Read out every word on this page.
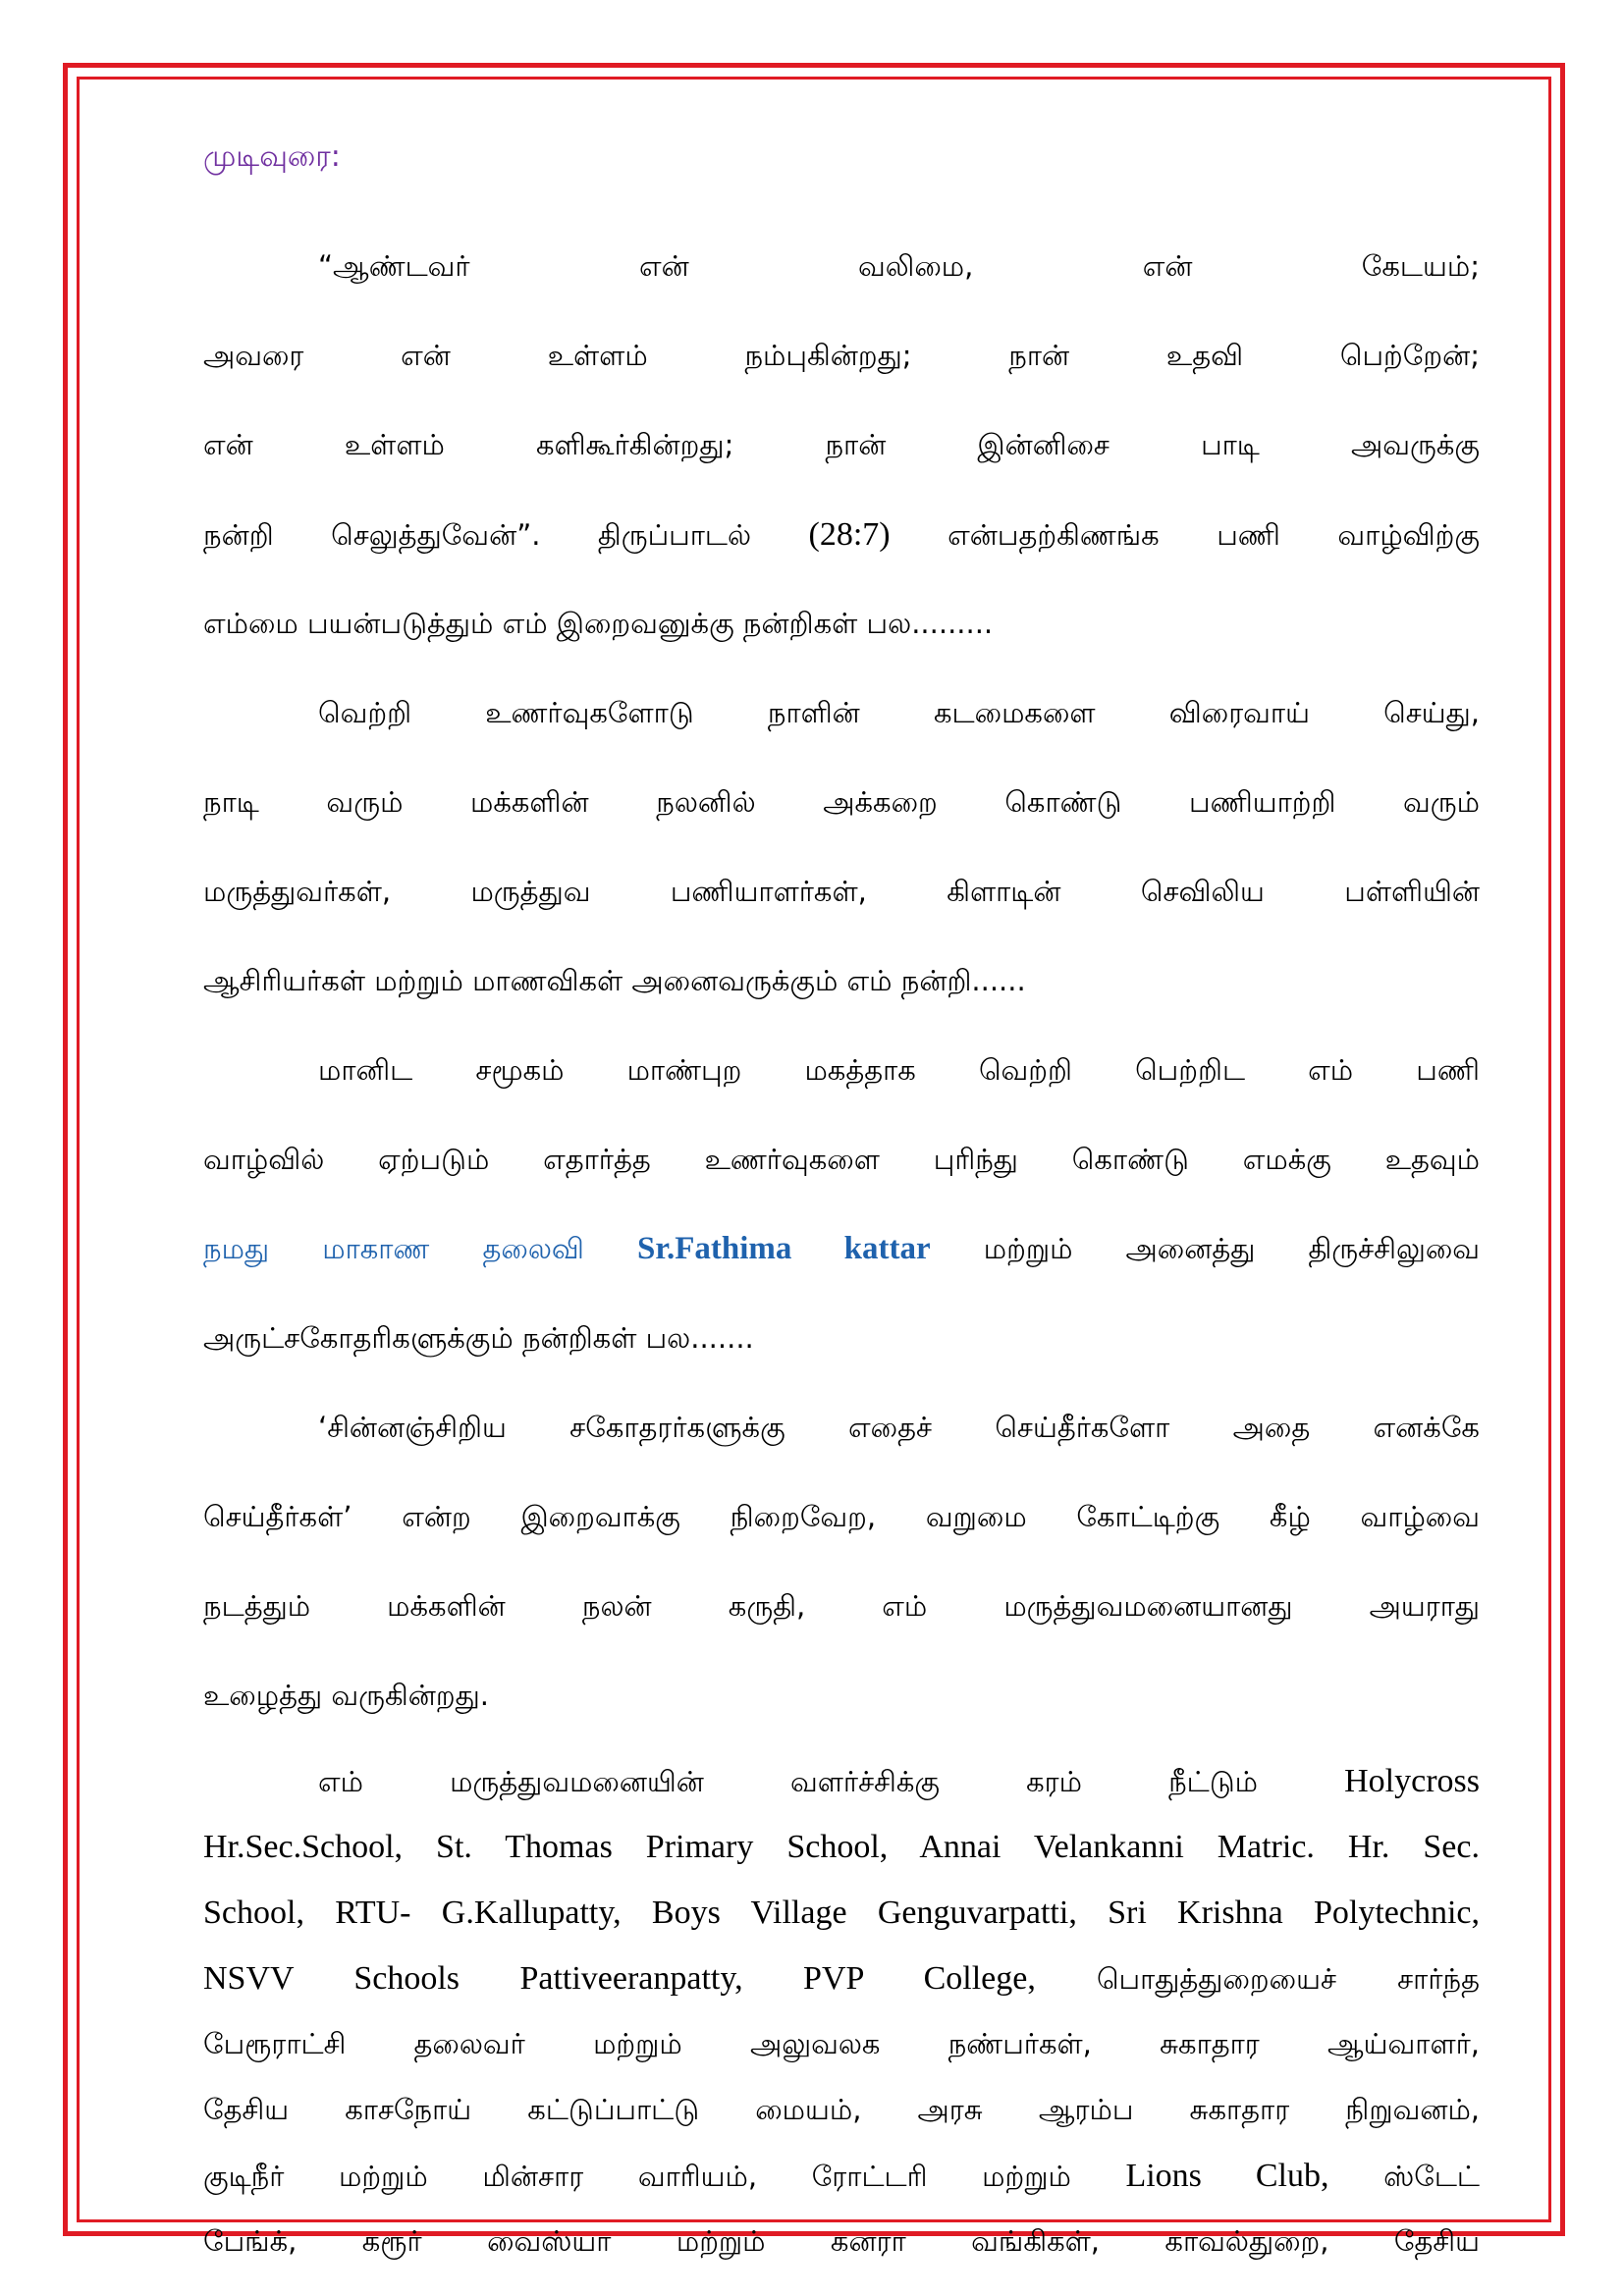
முடிவுரை:
“ஆண்டவர் என் வலிமை, என் கேடயம்;
அவரை என் உள்ளம் நம்புகின்றது; நான் உதவி பெற்றேன்;
என் உள்ளம் களிகூர்கின்றது; நான் இன்னிசை பாடி அவருக்கு
நன்றி செலுத்துவேன்”. திருப்பாடல் (28:7) என்பதற்கிணங்க பணி வாழ்விற்கு
எம்மை பயன்படுத்தும் எம் இறைவனுக்கு நன்றிகள் பல.........
வெற்றி உணர்வுகளோடு நாளின் கடமைகளை விரைவாய் செய்து,
நாடி வரும் மக்களின் நலனில் அக்கறை கொண்டு பணியாற்றி வரும்
மருத்துவர்கள், மருத்துவ பணியாளர்கள், கிளாடின் செவிலிய பள்ளியின்
ஆசிரியர்கள் மற்றும் மாணவிகள் அனைவருக்கும் எம் நன்றி......
மானிட சமூகம் மாண்புற மகத்தாக வெற்றி பெற்றிட எம் பணி
வாழ்வில் ஏற்படும் எதார்த்த உணர்வுகளை புரிந்து கொண்டு எமக்கு உதவும்
நமது மாகாண தலைவி Sr.Fathima kattar மற்றும் அனைத்து திருச்சிலுவை
அருட்சகோதரிகளுக்கும் நன்றிகள் பல.......
‘சின்னஞ்சிறிய சகோதரர்களுக்கு எதைச் செய்தீர்களோ அதை எனக்கே
செய்தீர்கள்’ என்ற இறைவாக்கு நிறைவேற, வறுமை கோட்டிற்கு கீழ் வாழ்வை
நடத்தும் மக்களின் நலன் கருதி, எம் மருத்துவமனையானது அயராது
உழைத்து வருகின்றது.
எம் மருத்துவமனையின் வளர்ச்சிக்கு கரம் நீட்டும்	Holycross
Hr.Sec.School, St. Thomas Primary School, Annai Velankanni Matric. Hr. Sec.
School, RTU- G.Kallupatty, Boys Village Genguvarpatti, Sri Krishna Polytechnic,
NSVV Schools Pattiveeranpatty, PVP College, பொதுத்துறையைச் சார்ந்த
பேரூராட்சி தலைவர் மற்றும் அலுவலக நண்பர்கள், சுகாதார ஆய்வாளர்,
தேசிய காசநோய் கட்டுப்பாட்டு மையம், அரசு ஆரம்ப சுகாதார நிறுவனம்,
குடிநீர் மற்றும் மின்சார வாரியம், ரோட்டரி மற்றும் Lions Club, ஸ்டேட்
பேங்க், கரூர் வைஸ்யா மற்றும் கனரா வங்கிகள், காவல்துறை, தேசிய
